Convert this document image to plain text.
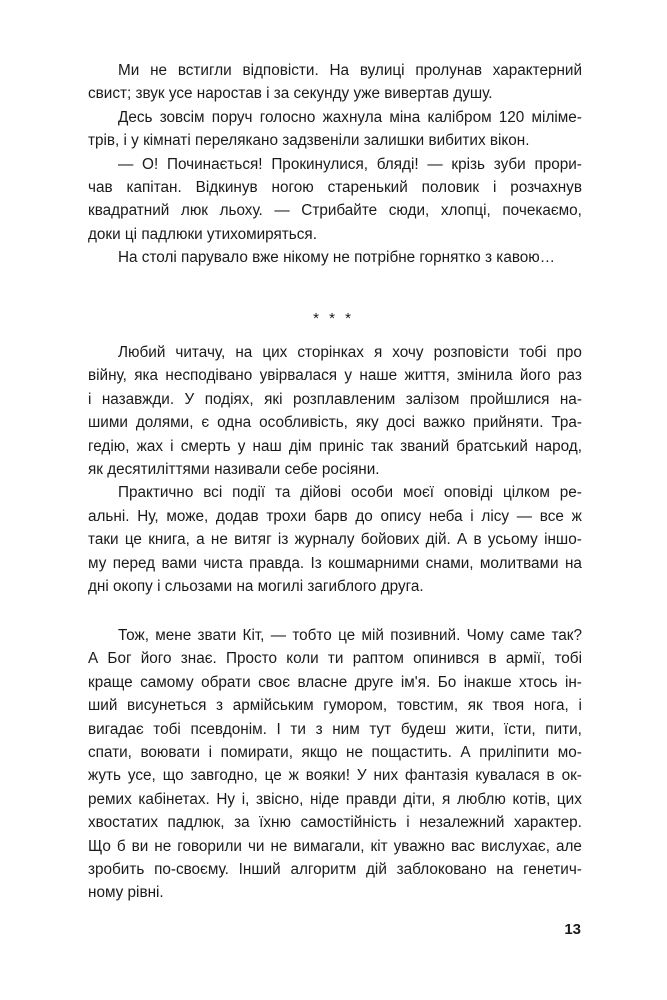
Ми не встигли відповісти. На вулиці пролунав характерний
свист; звук усе наростав і за секунду уже вивертав душу.
Десь зовсім поруч голосно жахнула міна калібром 120 міліме-
трів, і у кімнаті перелякано задзвеніли залишки вибитих вікон.
— О! Починається! Прокинулися, бляді! — крізь зуби прори-
чав капітан. Відкинув ногою старенький половик і розчахнув
квадратний люк льоху. — Стрибайте сюди, хлопці, почекаємо,
доки ці падлюки утихомиряться.
На столі парувало вже нікому не потрібне горнятко з кавою…
* * *
Любий читачу, на цих сторінках я хочу розповісти тобі про
війну, яка несподівано увірвалася у наше життя, змінила його раз
і назавжди. У подіях, які розплавленим залізом пройшлися на-
шими долями, є одна особливість, яку досі важко прийняти. Тра-
гедію, жах і смерть у наш дім приніс так званий братський народ,
як десятиліттями називали себе росіяни.
Практично всі події та дійові особи моєї оповіді цілком ре-
альні. Ну, може, додав трохи барв до опису неба і лісу — все ж
таки це книга, а не витяг із журналу бойових дій. А в усьому іншо-
му перед вами чиста правда. Із кошмарними снами, молитвами на
дні окопу і сльозами на могилі загиблого друга.
Тож, мене звати Кіт, — тобто це мій позивний. Чому саме так?
А Бог його знає. Просто коли ти раптом опинився в армії, тобі
краще самому обрати своє власне друге ім'я. Бо інакше хтось ін-
ший висунеться з армійським гумором, товстим, як твоя нога, і
вигадає тобі псевдонім. І ти з ним тут будеш жити, їсти, пити,
спати, воювати і помирати, якщо не пощастить. А приліпити мо-
жуть усе, що завгодно, це ж вояки! У них фантазія кувалася в ок-
ремих кабінетах. Ну і, звісно, ніде правди діти, я люблю котів, цих
хвостатих падлюк, за їхню самостійність і незалежний характер.
Що б ви не говорили чи не вимагали, кіт уважно вас вислухає, але
зробить по-своєму. Інший алгоритм дій заблоковано на генетич-
ному рівні.
13
